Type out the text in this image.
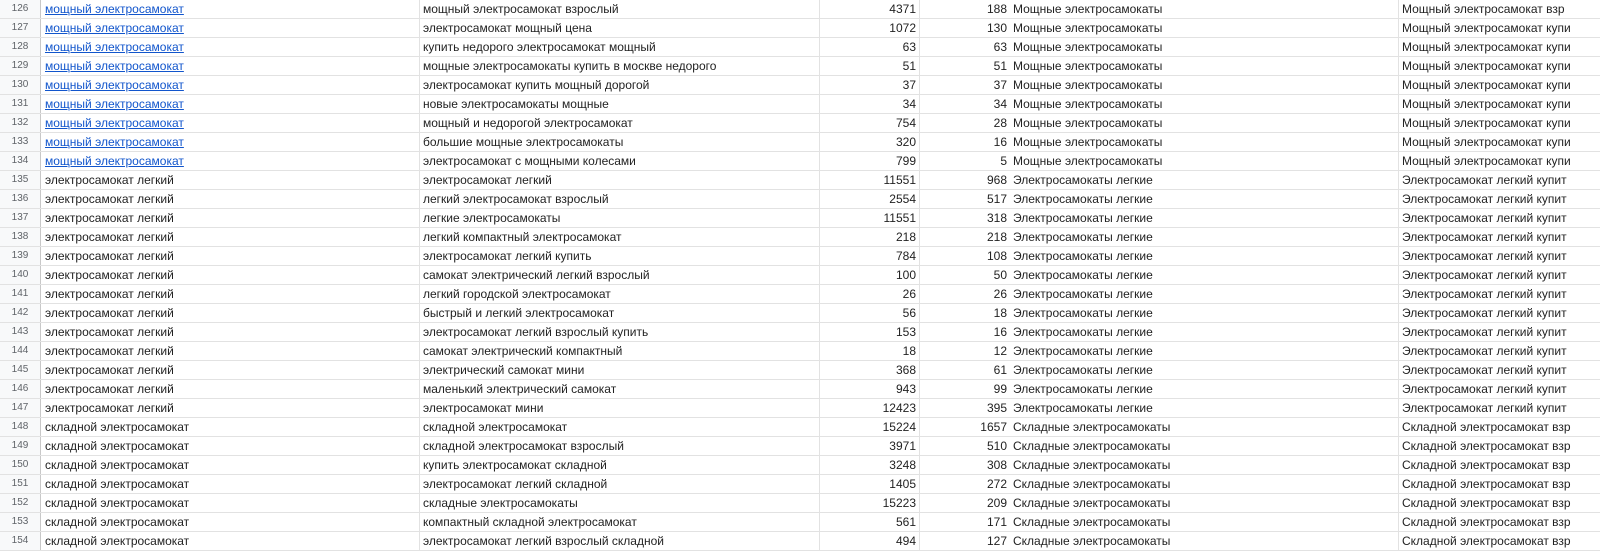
126	мощный электросамокат	мощный электросамокат взрослый	4371	188 Мощные электросамокаты	Мощный электросамокат взр
127	мощный электросамокат	электросамокат мощный цена	1072	130 Мощные электросамокаты	Мощный электросамокат купи
128	мощный электросамокат	купить недорого электросамокат мощный	63	63 Мощные электросамокаты	Мощный электросамокат купи
129	мощный электросамокат	мощные электросамокаты купить в москве недорого	51	51 Мощные электросамокаты	Мощный электросамокат купи
130	мощный электросамокат	электросамокат купить мощный дорогой	37	37 Мощные электросамокаты	Мощный электросамокат купи
131	мощный электросамокат	новые электросамокаты мощные	34	34 Мощные электросамокаты	Мощный электросамокат купи
132	мощный электросамокат	мощный и недорогой электросамокат	754	28 Мощные электросамокаты	Мощный электросамокат купи
133	мощный электросамокат	большие мощные электросамокаты	320	16 Мощные электросамокаты	Мощный электросамокат купи
134	мощный электросамокат	электросамокат с мощными колесами	799	5 Мощные электросамокаты	Мощный электросамокат купи
135	электросамокат легкий	электросамокат легкий	11551	968 Электросамокаты легкие	Электросамокат легкий купит
136	электросамокат легкий	легкий электросамокат взрослый	2554	517 Электросамокаты легкие	Электросамокат легкий купит
137	электросамокат легкий	легкие электросамокаты	11551	318 Электросамокаты легкие	Электросамокат легкий купит
138	электросамокат легкий	легкий компактный электросамокат	218	218 Электросамокаты легкие	Электросамокат легкий купит
139	электросамокат легкий	электросамокат легкий купить	784	108 Электросамокаты легкие	Электросамокат легкий купит
140	электросамокат легкий	самокат электрический легкий взрослый	100	50 Электросамокаты легкие	Электросамокат легкий купит
141	электросамокат легкий	легкий городской электросамокат	26	26 Электросамокаты легкие	Электросамокат легкий купит
142	электросамокат легкий	быстрый и легкий электросамокат	56	18 Электросамокаты легкие	Электросамокат легкий купит
143	электросамокат легкий	электросамокат легкий взрослый купить	153	16 Электросамокаты легкие	Электросамокат легкий купит
144	электросамокат легкий	самокат электрический компактный	18	12 Электросамокаты легкие	Электросамокат легкий купит
145	электросамокат легкий	электрический самокат мини	368	61 Электросамокаты легкие	Электросамокат легкий купит
146	электросамокат легкий	маленький электрический самокат	943	99 Электросамокаты легкие	Электросамокат легкий купит
147	электросамокат легкий	электросамокат мини	12423	395 Электросамокаты легкие	Электросамокат легкий купит
148	складной электросамокат	складной электросамокат	15224	1657 Складные электросамокаты	Складной электросамокат взр
149	складной электросамокат	складной электросамокат взрослый	3971	510 Складные электросамокаты	Складной электросамокат взр
150	складной электросамокат	купить электросамокат складной	3248	308 Складные электросамокаты	Складной электросамокат взр
151	складной электросамокат	электросамокат легкий складной	1405	272 Складные электросамокаты	Складной электросамокат взр
152	складной электросамокат	складные электросамокаты	15223	209 Складные электросамокаты	Складной электросамокат взр
153	складной электросамокат	компактный складной электросамокат	561	171 Складные электросамокаты	Складной электросамокат взр
154	складной электросамокат	электросамокат легкий взрослый складной	494	127 Складные электросамокаты	Складной электросамокат взр
